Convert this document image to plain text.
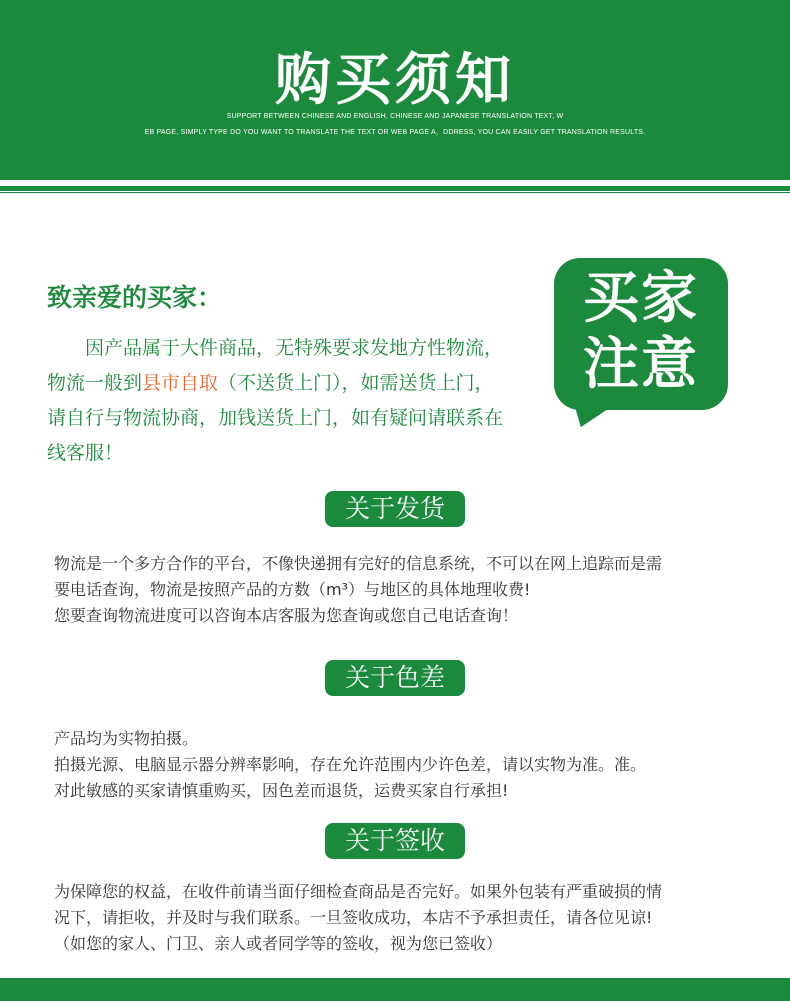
购买须知
SUPPORT BETWEEN CHINESE AND ENGLISH, CHINESE AND JAPANESE TRANSLATION TEXT, W
EB PAGE, SIMPLY TYPE DO YOU WANT TO TRANSLATE THE TEXT OR WEB PAGE A，DDRESS, YOU CAN EASILY GET TRANSLATION RESULTS.
致亲爱的买家：
因产品属于大件商品，无特殊要求发地方性物流，
物流一般到县市自取（不送货上门），如需送货上门，
请自行与物流协商，加钱送货上门，如有疑问请联系在
线客服！
买家
注意
关于发货
物流是一个多方合作的平台，不像快递拥有完好的信息系统，不可以在网上追踪而是需
要电话查询，物流是按照产品的方数（m³）与地区的具体地理收费!
您要查询物流进度可以咨询本店客服为您查询或您自己电话查询！
关于色差
产品均为实物拍摄。
拍摄光源、电脑显示器分辨率影响，存在允许范围内少许色差，请以实物为准。准。
对此敏感的买家请慎重购买，因色差而退货，运费买家自行承担!
关于签收
为保障您的权益，在收件前请当面仔细检查商品是否完好。如果外包装有严重破损的情
况下，请拒收，并及时与我们联系。一旦签收成功，本店不予承担责任，请各位见谅!
（如您的家人、门卫、亲人或者同学等的签收，视为您已签收）
